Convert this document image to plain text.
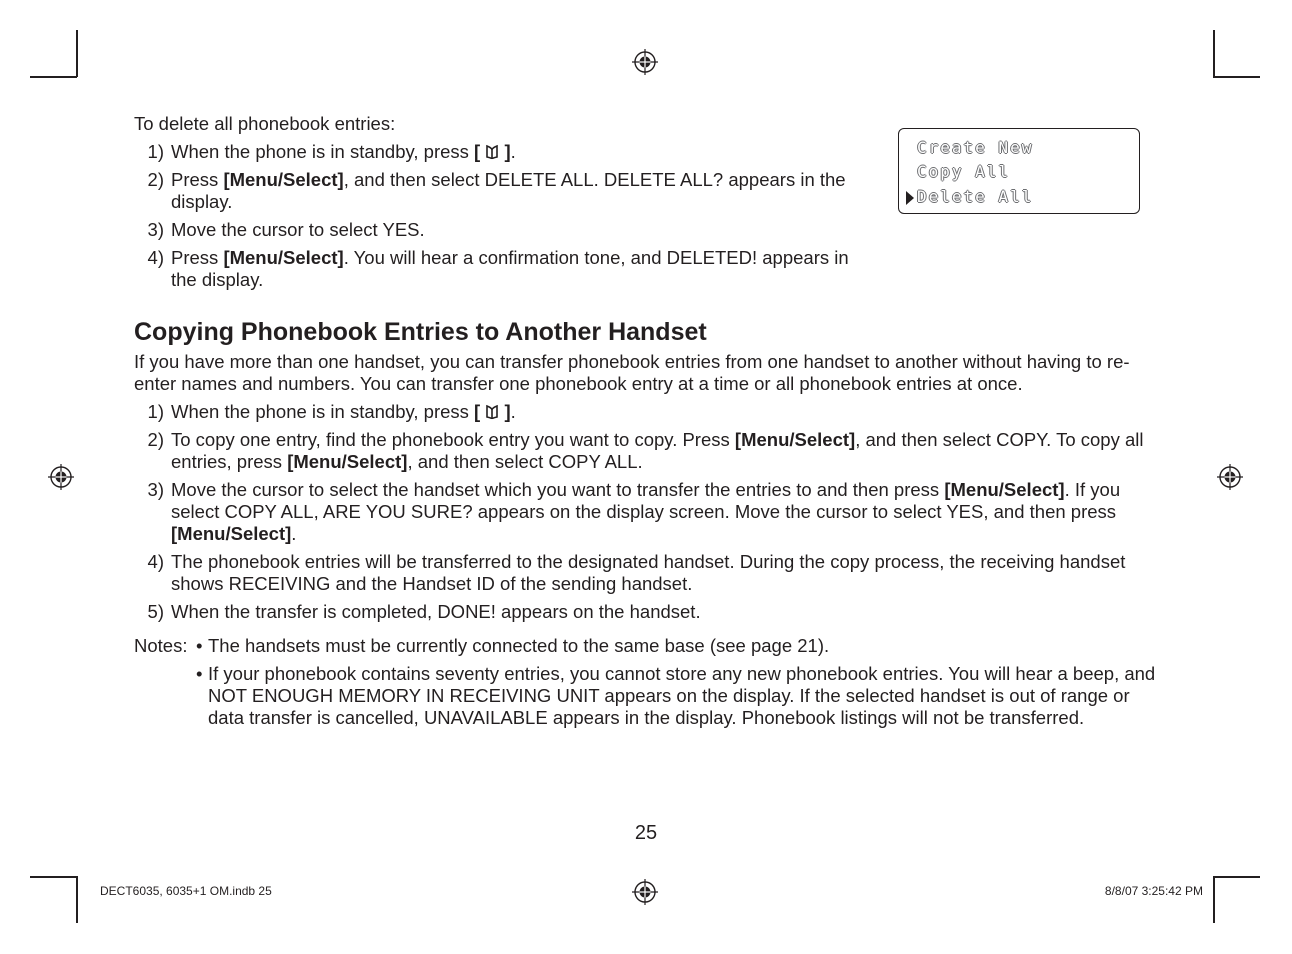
Create New
Copy All
Delete All

To delete all phonebook entries:

1) When the phone is in standby, press [ ].
2) Press [Menu/Select], and then select DELETE ALL. DELETE ALL? appears in the display.
3) Move the cursor to select YES.
4) Press [Menu/Select]. You will hear a confirmation tone, and DELETED! appears in the display.
Copying Phonebook Entries to Another Handset

If you have more than one handset, you can transfer phonebook entries from one handset to another without having to re-enter names and numbers. You can transfer one phonebook entry at a time or all phonebook entries at once.

1) When the phone is in standby, press [ ].
2) To copy one entry, find the phonebook entry you want to copy. Press [Menu/Select], and then select COPY. To copy all entries, press [Menu/Select], and then select COPY ALL.
3) Move the cursor to select the handset which you want to transfer the entries to and then press [Menu/Select]. If you select COPY ALL, ARE YOU SURE? appears on the display screen. Move the cursor to select YES, and then press [Menu/Select].
4) The phonebook entries will be transferred to the designated handset. During the copy process, the receiving handset shows RECEIVING and the Handset ID of the sending handset.
5) When the transfer is completed, DONE! appears on the handset.
Notes: • The handsets must be currently connected to the same base (see page 21).
• If your phonebook contains seventy entries, you cannot store any new phonebook entries. You will hear a beep, and NOT ENOUGH MEMORY IN RECEIVING UNIT appears on the display. If the selected handset is out of range or data transfer is cancelled, UNAVAILABLE appears in the display. Phonebook listings will not be transferred.
25
DECT6035, 6035+1 OM.indb 25	8/8/07 3:25:42 PM
